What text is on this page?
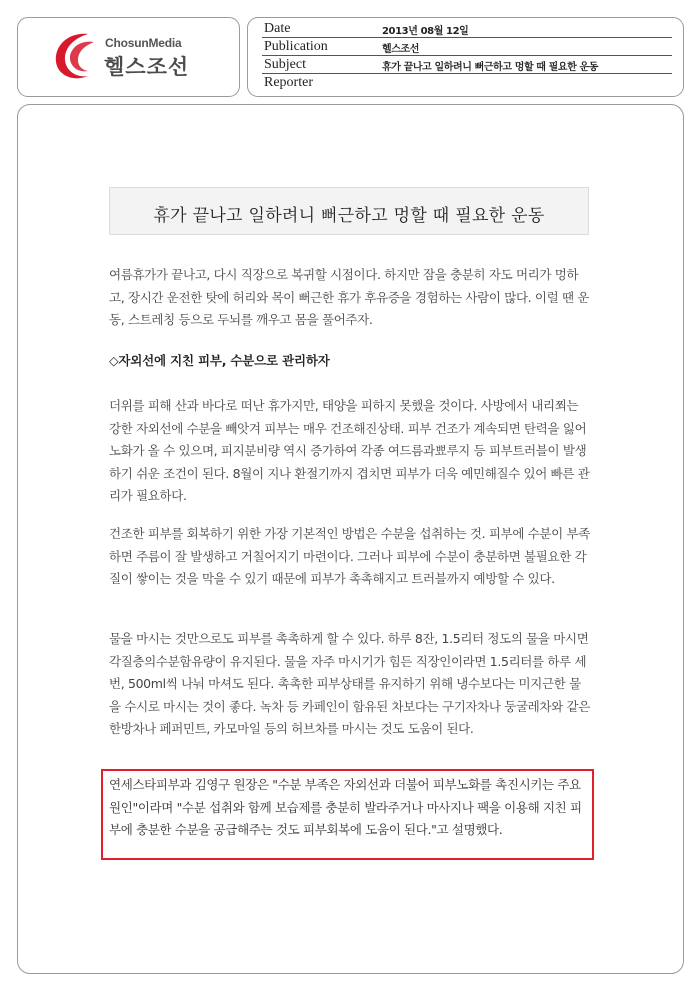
ChosunMedia
헬스조선
Date	2013년 08월 12일
Publication	헬스조선
Subject	휴가 끝나고 일하려니 뻐근하고 멍할 때 필요한 운동
Reporter
휴가 끝나고 일하려니 뻐근하고 멍할 때 필요한 운동

여름휴가가 끝나고, 다시 직장으로 복귀할 시점이다. 하지만 잠을 충분히 자도 머리가 멍하고, 장시간 운전한 탓에 허리와 목이 뻐근한 휴가 후유증을 경험하는 사람이 많다. 이럴 땐 운동, 스트레칭 등으로 두뇌를 깨우고 몸을 풀어주자.

◇자외선에 지친 피부, 수분으로 관리하자

더위를 피해 산과 바다로 떠난 휴가지만, 태양을 피하지 못했을 것이다. 사방에서 내리쬐는 강한 자외선에 수분을 빼앗겨 피부는 매우 건조해진상태. 피부 건조가 계속되면 탄력을 잃어 노화가 올 수 있으며, 피지분비량 역시 증가하여 각종 여드름과뾰루지 등 피부트러블이 발생하기 쉬운 조건이 된다. 8월이 지나 환절기까지 겹치면 피부가 더욱 예민해질수 있어 빠른 관리가 필요하다.

건조한 피부를 회복하기 위한 가장 기본적인 방법은 수분을 섭취하는 것. 피부에 수분이 부족하면 주름이 잘 발생하고 거칠어지기 마련이다. 그러나 피부에 수분이 충분하면 불필요한 각질이 쌓이는 것을 막을 수 있기 때문에 피부가 촉촉해지고 트러블까지 예방할 수 있다.

물을 마시는 것만으로도 피부를 촉촉하게 할 수 있다. 하루 8잔, 1.5리터 정도의 물을 마시면 각질층의수분함유량이 유지된다. 물을 자주 마시기가 힘든 직장인이라면 1.5리터를 하루 세 번, 500ml씩 나눠 마셔도 된다. 촉촉한 피부상태를 유지하기 위해 냉수보다는 미지근한 물을 수시로 마시는 것이 좋다. 녹차 등 카페인이 함유된 차보다는 구기자차나 둥굴레차와 같은 한방차나 페퍼민트, 카모마일 등의 허브차를 마시는 것도 도움이 된다.

연세스타피부과 김영구 원장은 "수분 부족은 자외선과 더불어 피부노화를 촉진시키는 주요 원인"이라며 "수분 섭취와 함께 보습제를 충분히 발라주거나 마사지나 팩을 이용해 지친 피부에 충분한 수분을 공급해주는 것도 피부회복에 도움이 된다."고 설명했다.
